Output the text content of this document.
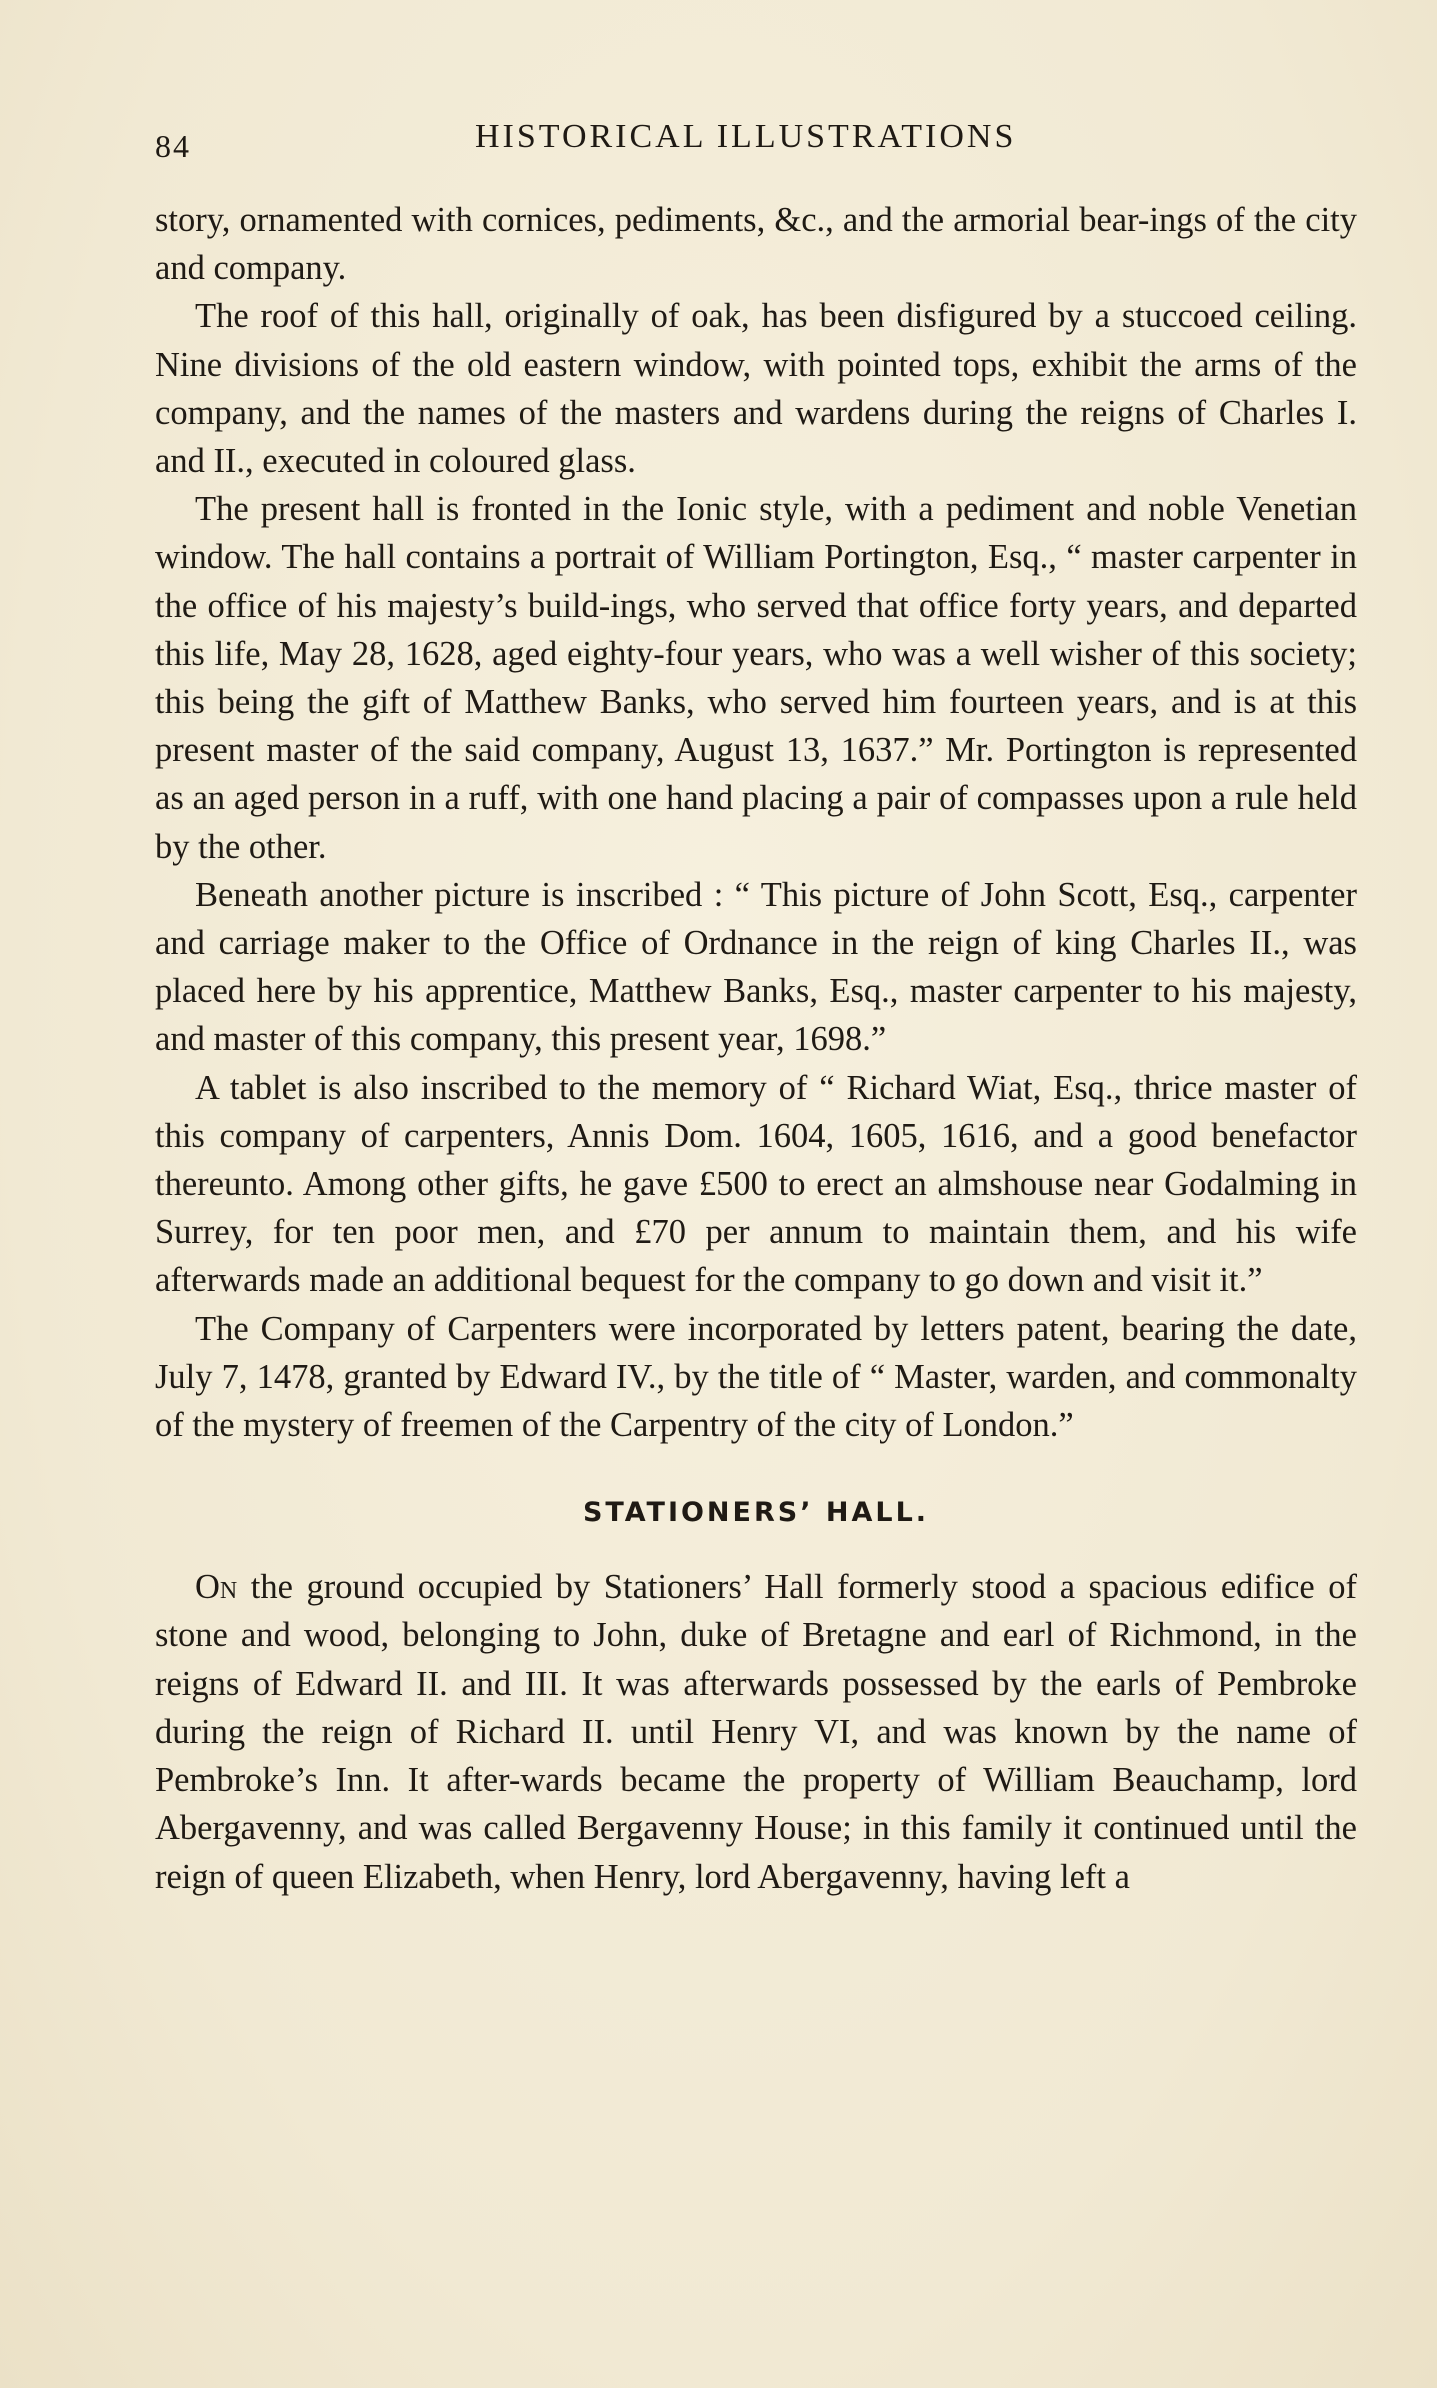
84	HISTORICAL ILLUSTRATIONS

story, ornamented with cornices, pediments, &c., and the armorial bear-ings of the city and company.

The roof of this hall, originally of oak, has been disfigured by a stuccoed ceiling. Nine divisions of the old eastern window, with pointed tops, exhibit the arms of the company, and the names of the masters and wardens during the reigns of Charles I. and II., executed in coloured glass.

The present hall is fronted in the Ionic style, with a pediment and noble Venetian window. The hall contains a portrait of William Portington, Esq., “ master carpenter in the office of his majesty’s build-ings, who served that office forty years, and departed this life, May 28, 1628, aged eighty-four years, who was a well wisher of this society; this being the gift of Matthew Banks, who served him fourteen years, and is at this present master of the said company, August 13, 1637.” Mr. Portington is represented as an aged person in a ruff, with one hand placing a pair of compasses upon a rule held by the other.

Beneath another picture is inscribed : “ This picture of John Scott, Esq., carpenter and carriage maker to the Office of Ordnance in the reign of king Charles II., was placed here by his apprentice, Matthew Banks, Esq., master carpenter to his majesty, and master of this company, this present year, 1698.”

A tablet is also inscribed to the memory of “ Richard Wiat, Esq., thrice master of this company of carpenters, Annis Dom. 1604, 1605, 1616, and a good benefactor thereunto. Among other gifts, he gave £500 to erect an almshouse near Godalming in Surrey, for ten poor men, and £70 per annum to maintain them, and his wife afterwards made an additional bequest for the company to go down and visit it.”

The Company of Carpenters were incorporated by letters patent, bearing the date, July 7, 1478, granted by Edward IV., by the title of “ Master, warden, and commonalty of the mystery of freemen of the Carpentry of the city of London.”

STATIONERS’ HALL.

On the ground occupied by Stationers’ Hall formerly stood a spacious edifice of stone and wood, belonging to John, duke of Bretagne and earl of Richmond, in the reigns of Edward II. and III. It was afterwards possessed by the earls of Pembroke during the reign of Richard II. until Henry VI, and was known by the name of Pembroke’s Inn. It after-wards became the property of William Beauchamp, lord Abergavenny, and was called Bergavenny House; in this family it continued until the reign of queen Elizabeth, when Henry, lord Abergavenny, having left a
